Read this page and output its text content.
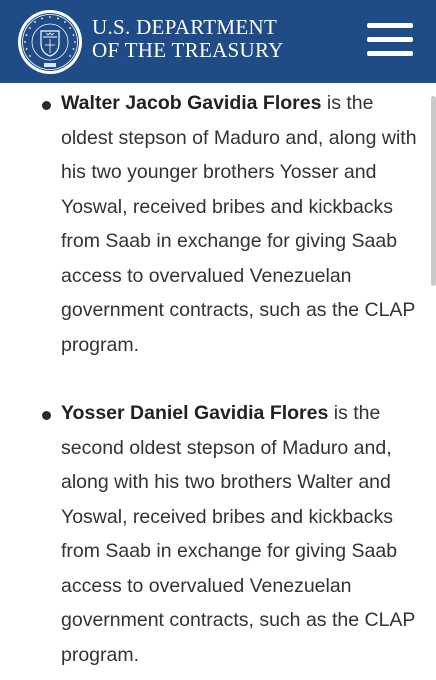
U.S. DEPARTMENT
OF THE TREASURY

Walter Jacob Gavidia Flores is the oldest stepson of Maduro and, along with his two younger brothers Yosser and Yoswal, received bribes and kickbacks from Saab in exchange for giving Saab access to overvalued Venezuelan government contracts, such as the CLAP program.

Yosser Daniel Gavidia Flores is the second oldest stepson of Maduro and, along with his two brothers Walter and Yoswal, received bribes and kickbacks from Saab in exchange for giving Saab access to overvalued Venezuelan government contracts, such as the CLAP program.
